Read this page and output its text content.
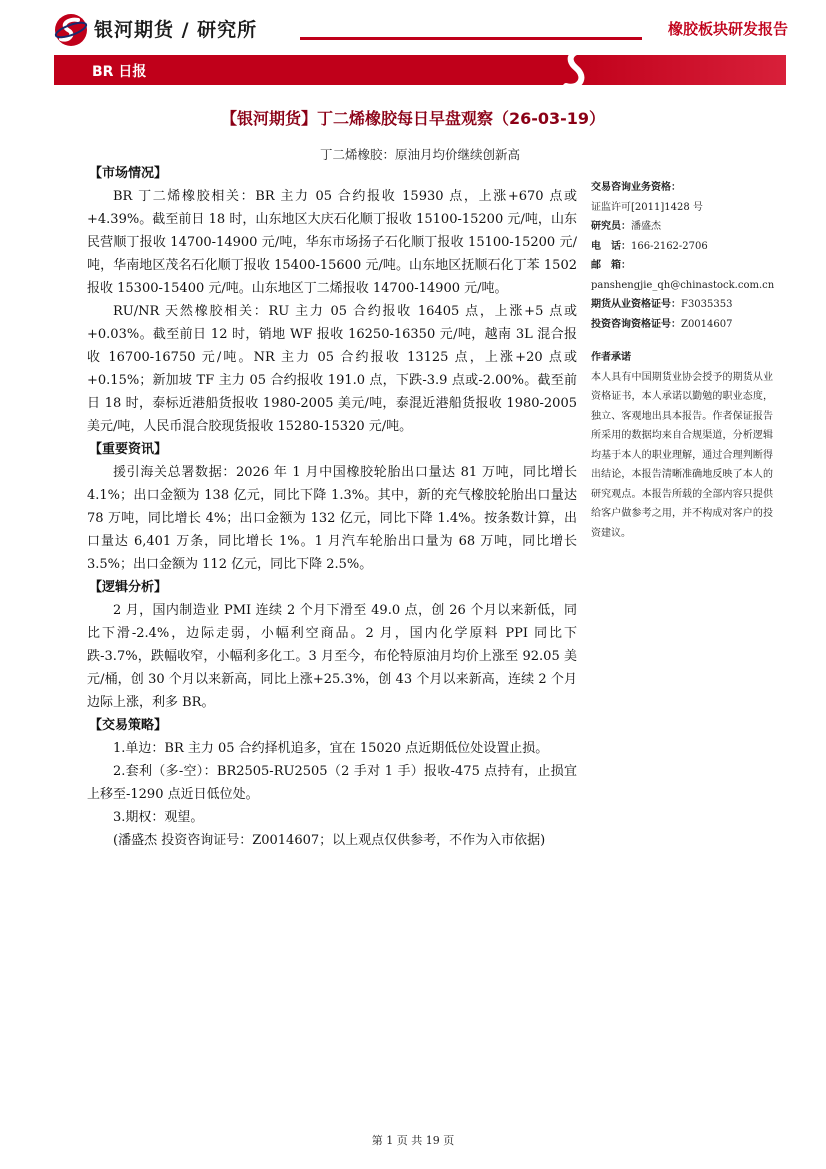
银河期货 / 研究所	橡胶板块研发报告
BR 日报
【银河期货】丁二烯橡胶每日早盘观察（26-03-19）
丁二烯橡胶：原油月均价继续创新高
【市场情况】
BR 丁二烯橡胶相关：BR 主力 05 合约报收 15930 点，上涨+670 点或+4.39%。截至前日 18 时，山东地区大庆石化顺丁报收 15100-15200 元/吨，山东民营顺丁报收 14700-14900 元/吨，华东市场扬子石化顺丁报收 15100-15200 元/吨，华南地区茂名石化顺丁报收 15400-15600 元/吨。山东地区抚顺石化丁苯 1502 报收 15300-15400 元/吨。山东地区丁二烯报收 14700-14900 元/吨。
RU/NR 天然橡胶相关：RU 主力 05 合约报收 16405 点，上涨+5 点或+0.03%。截至前日 12 时，销地 WF 报收 16250-16350 元/吨，越南 3L 混合报收 16700-16750 元/吨。NR 主力 05 合约报收 13125 点，上涨+20 点或+0.15%；新加坡 TF 主力 05 合约报收 191.0 点，下跌-3.9 点或-2.00%。截至前日 18 时，泰标近港船货报收 1980-2005 美元/吨，泰混近港船货报收 1980-2005 美元/吨，人民币混合胶现货报收 15280-15320 元/吨。
【重要资讯】
援引海关总署数据：2026 年 1 月中国橡胶轮胎出口量达 81 万吨，同比增长 4.1%；出口金额为 138 亿元，同比下降 1.3%。其中，新的充气橡胶轮胎出口量达 78 万吨，同比增长 4%；出口金额为 132 亿元，同比下降 1.4%。按条数计算，出口量达 6,401 万条，同比增长 1%。1 月汽车轮胎出口量为 68 万吨，同比增长 3.5%；出口金额为 112 亿元，同比下降 2.5%。
【逻辑分析】
2 月，国内制造业 PMI 连续 2 个月下滑至 49.0 点，创 26 个月以来新低，同比下滑-2.4%，边际走弱，小幅利空商品。2 月，国内化学原料 PPI 同比下跌-3.7%，跌幅收窄，小幅利多化工。3 月至今，布伦特原油月均价上涨至 92.05 美元/桶，创 30 个月以来新高，同比上涨+25.3%，创 43 个月以来新高，连续 2 个月边际上涨，利多 BR。
【交易策略】
1.单边：BR 主力 05 合约择机追多，宜在 15020 点近期低位处设置止损。
2.套利（多-空）：BR2505-RU2505（2 手对 1 手）报收-475 点持有，止损宜上移至-1290 点近日低位处。
3.期权：观望。
(潘盛杰 投资咨询证号：Z0014607；以上观点仅供参考，不作为入市依据)
交易咨询业务资格：
证监许可[2011]1428 号
研究员：潘盛杰
电　话：166-2162-2706
邮　箱：
panshengjie_qh@chinastock.com.cn
期货从业资格证号：F3035353
投资咨询资格证号：Z0014607
作者承诺
本人具有中国期货业协会授予的期货从业资格证书，本人承诺以勤勉的职业态度，独立、客观地出具本报告。作者保证报告所采用的数据均来自合规渠道，分析逻辑均基于本人的职业理解，通过合理判断得出结论，本报告清晰准确地反映了本人的研究观点。本报告所载的全部内容只提供给客户做参考之用，并不构成对客户的投资建议。
第 1 页 共 19 页
